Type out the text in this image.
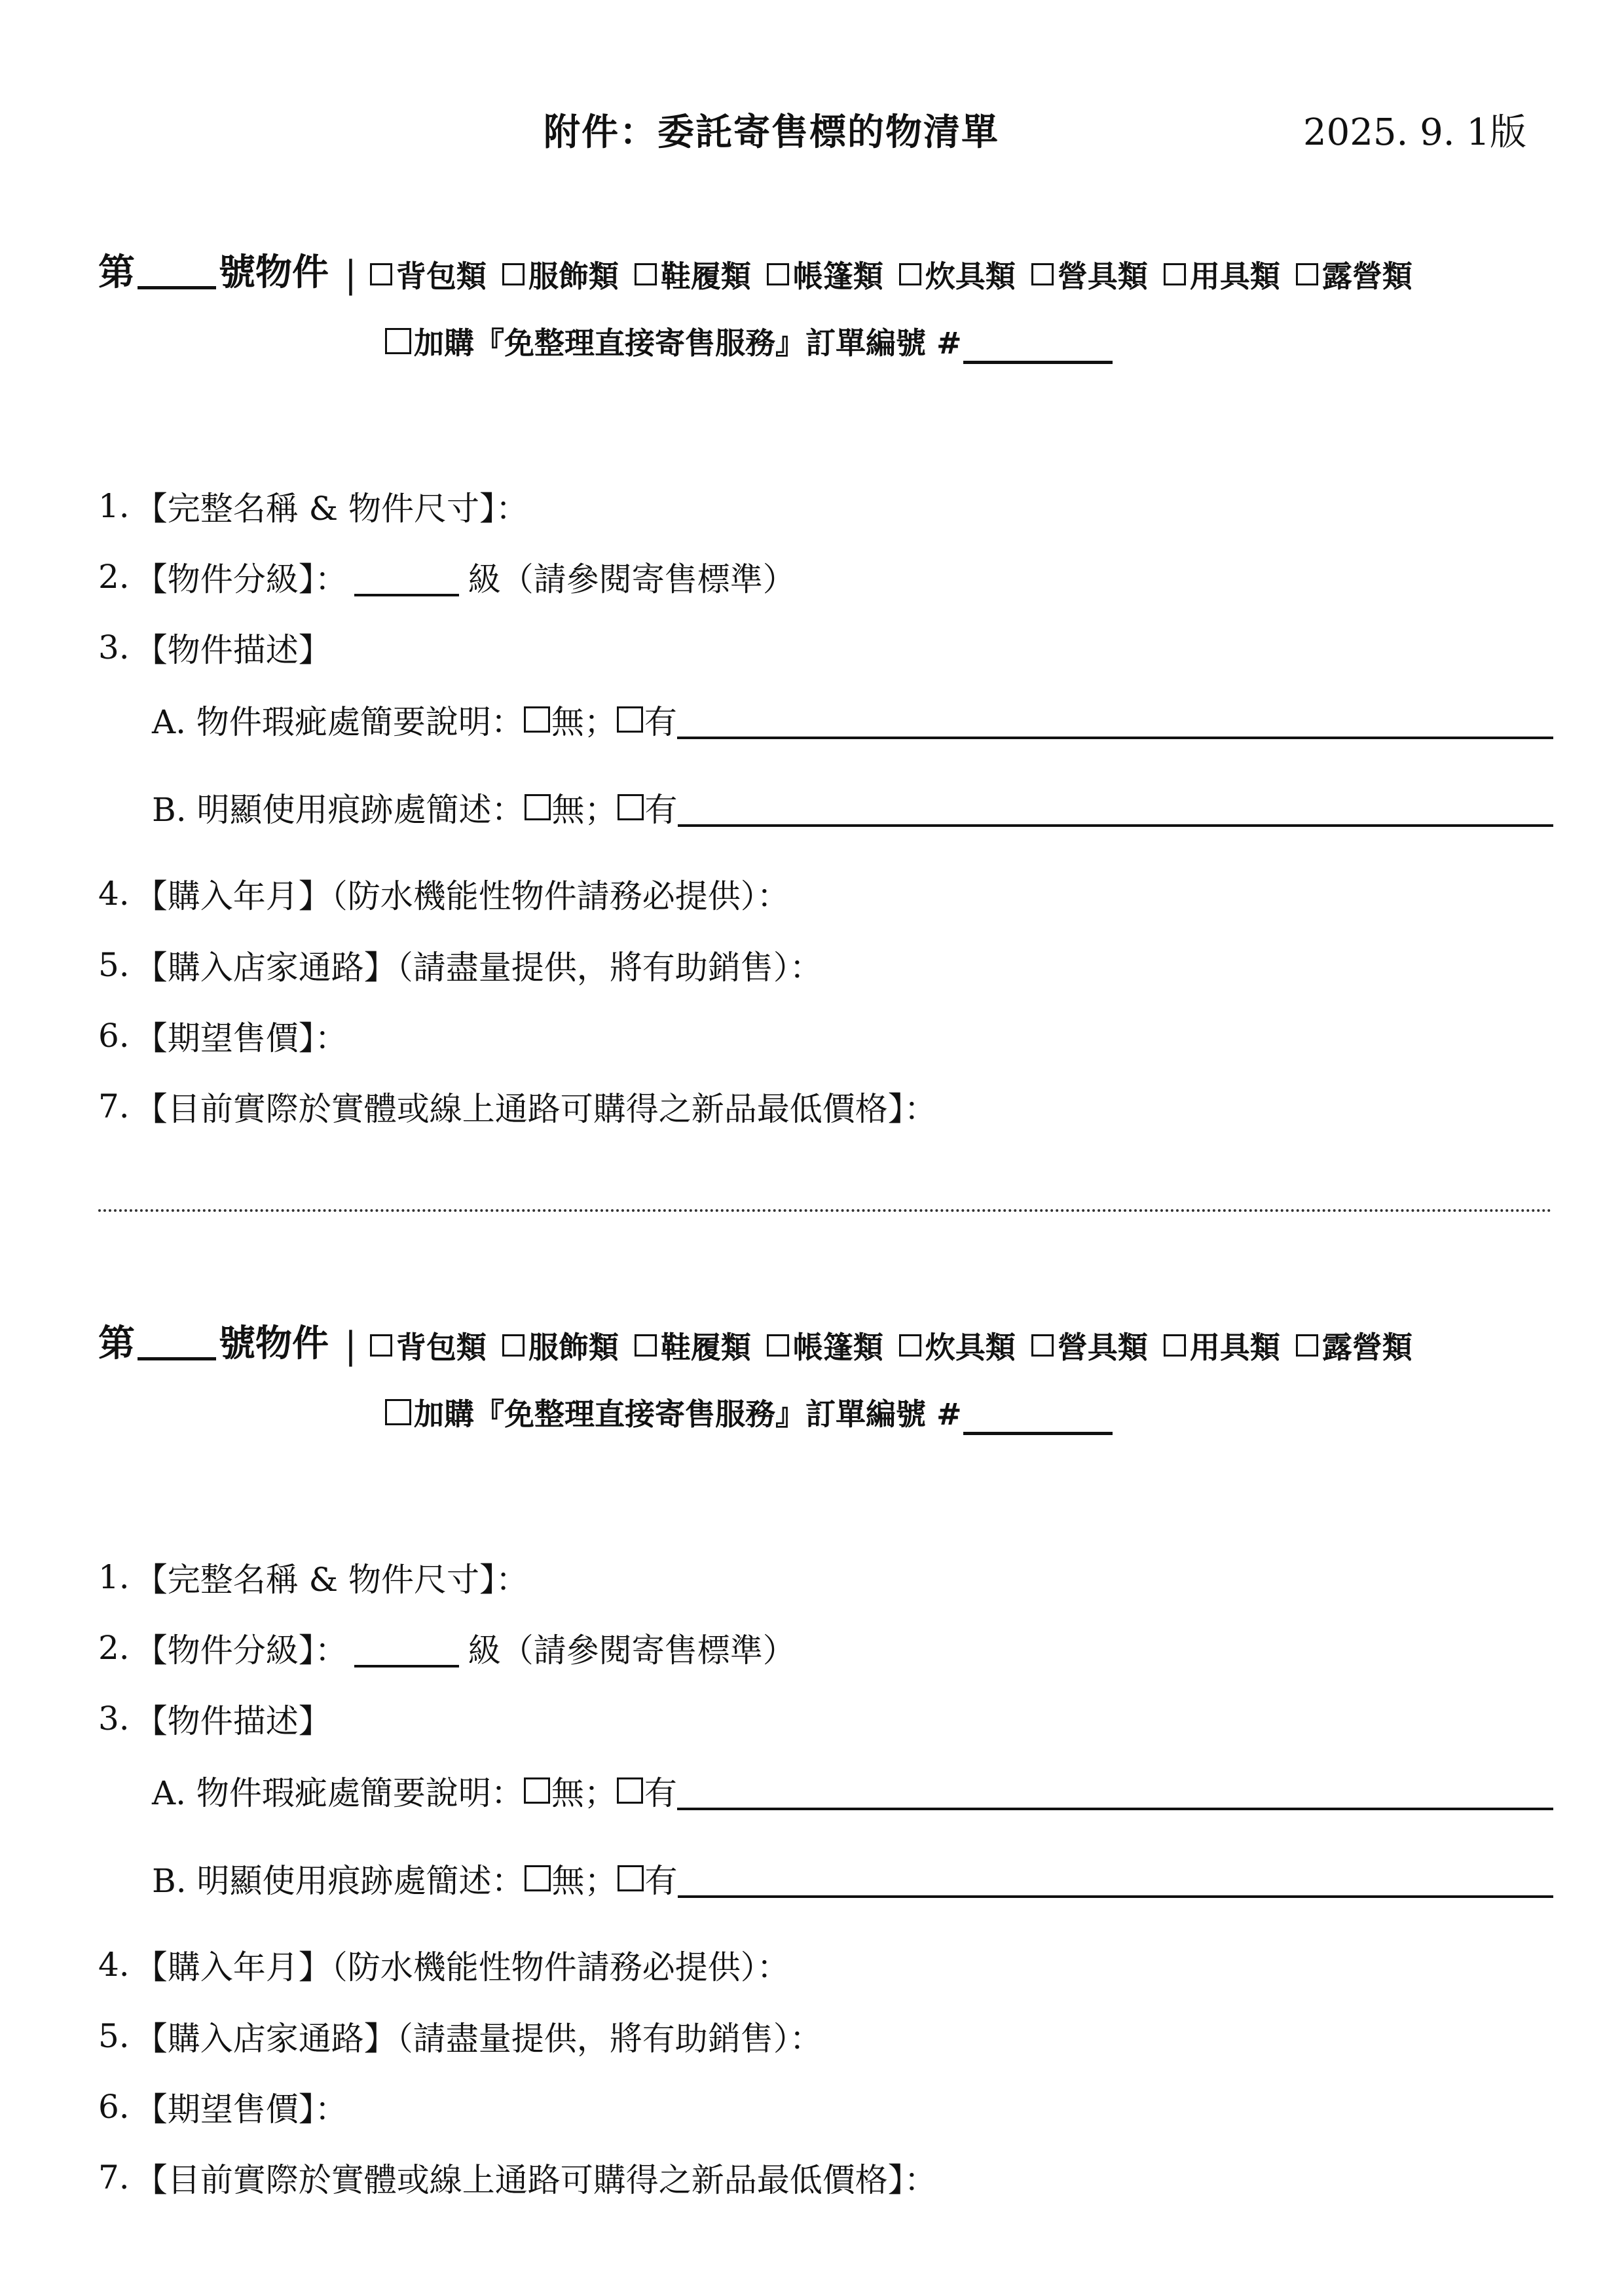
附件：委託寄售標的物清單	2025. 9. 1版
第 號物件 | 背包類 服飾類 鞋履類 帳篷類 炊具類 營具類 用具類 露營類
加購『免整理直接寄售服務』訂單編號 #
1. 【完整名稱 & 物件尺寸】：
2. 【物件分級】：	級（請參閱寄售標準）
3. 【物件描述】
A. 物件瑕疵處簡要說明： 無； 有
B. 明顯使用痕跡處簡述： 無； 有
4. 【購入年月】（防水機能性物件請務必提供）：
5. 【購入店家通路】（請盡量提供，將有助銷售）：
6. 【期望售價】：
7. 【目前實際於實體或線上通路可購得之新品最低價格】：
第 號物件 | 背包類 服飾類 鞋履類 帳篷類 炊具類 營具類 用具類 露營類
加購『免整理直接寄售服務』訂單編號 #
1. 【完整名稱 & 物件尺寸】：
2. 【物件分級】：	級（請參閱寄售標準）
3. 【物件描述】
A. 物件瑕疵處簡要說明： 無； 有
B. 明顯使用痕跡處簡述： 無； 有
4. 【購入年月】（防水機能性物件請務必提供）：
5. 【購入店家通路】（請盡量提供，將有助銷售）：
6. 【期望售價】：
7. 【目前實際於實體或線上通路可購得之新品最低價格】：
